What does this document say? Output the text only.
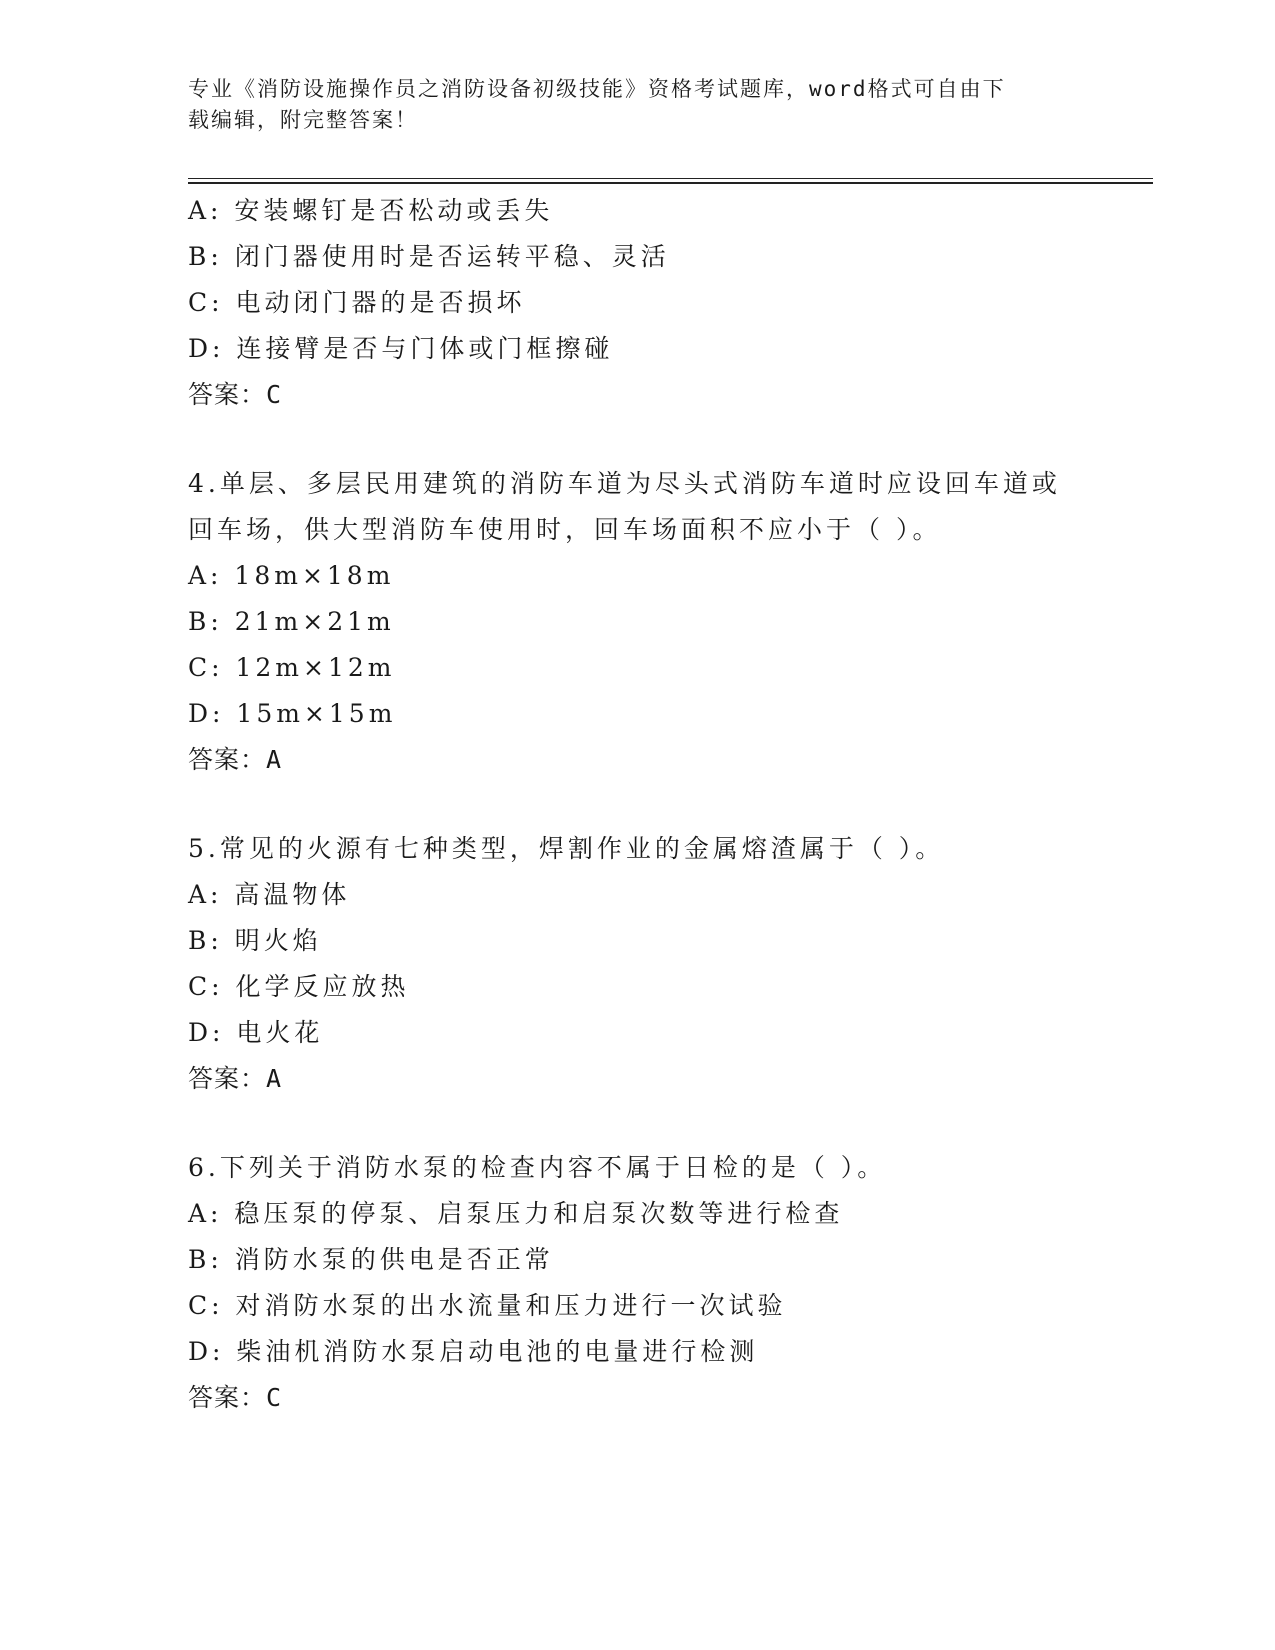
专业《消防设施操作员之消防设备初级技能》资格考试题库，word格式可自由下
载编辑，附完整答案！
A: 安装螺钉是否松动或丢失
B: 闭门器使用时是否运转平稳、灵活
C: 电动闭门器的是否损坏
D: 连接臂是否与门体或门框擦碰
答案：C
4.单层、多层民用建筑的消防车道为尽头式消防车道时应设回车道或
回车场，供大型消防车使用时，回车场面积不应小于（ ）。
A: 18m×18m
B: 21m×21m
C: 12m×12m
D: 15m×15m
答案：A
5.常见的火源有七种类型，焊割作业的金属熔渣属于（ ）。
A: 高温物体
B: 明火焰
C: 化学反应放热
D: 电火花
答案：A
6.下列关于消防水泵的检查内容不属于日检的是（ ）。
A: 稳压泵的停泵、启泵压力和启泵次数等进行检查
B: 消防水泵的供电是否正常
C: 对消防水泵的出水流量和压力进行一次试验
D: 柴油机消防水泵启动电池的电量进行检测
答案：C
